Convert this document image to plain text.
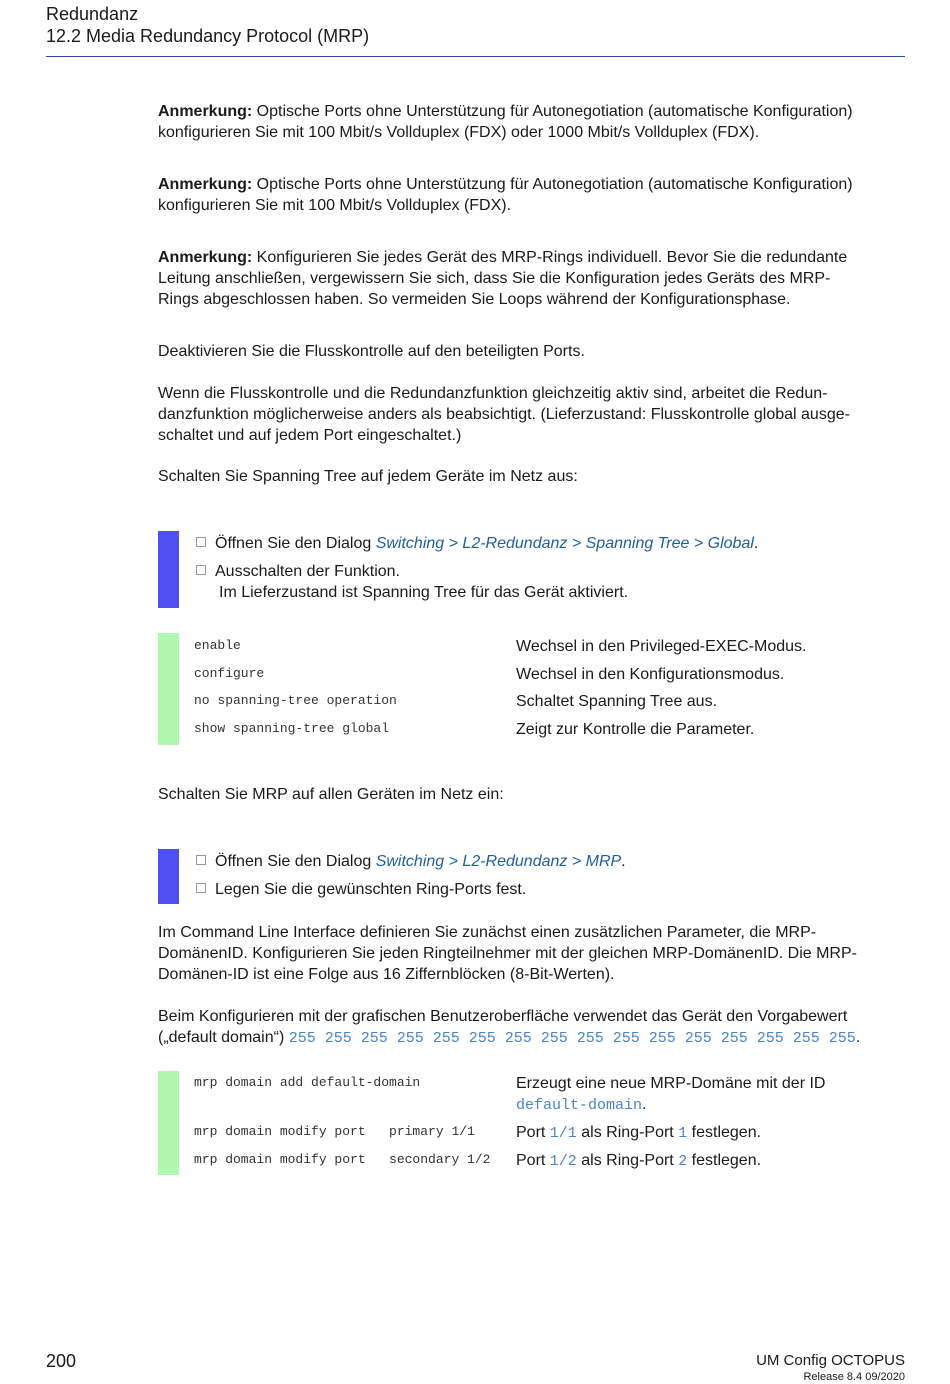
Redundanz
12.2 Media Redundancy Protocol (MRP)
Anmerkung: Optische Ports ohne Unterstützung für Autonegotiation (automatische Konfiguration)
konfigurieren Sie mit 100 Mbit/s Vollduplex (FDX) oder 1000 Mbit/s Vollduplex (FDX).
Anmerkung: Optische Ports ohne Unterstützung für Autonegotiation (automatische Konfiguration)
konfigurieren Sie mit 100 Mbit/s Vollduplex (FDX).
Anmerkung: Konfigurieren Sie jedes Gerät des MRP-Rings individuell. Bevor Sie die redundante
Leitung anschließen, vergewissern Sie sich, dass Sie die Konfiguration jedes Geräts des MRP-
Rings abgeschlossen haben. So vermeiden Sie Loops während der Konfigurationsphase.
Deaktivieren Sie die Flusskontrolle auf den beteiligten Ports.
Wenn die Flusskontrolle und die Redundanzfunktion gleichzeitig aktiv sind, arbeitet die Redun-
danzfunktion möglicherweise anders als beabsichtigt. (Lieferzustand: Flusskontrolle global ausge-
schaltet und auf jedem Port eingeschaltet.)
Schalten Sie Spanning Tree auf jedem Geräte im Netz aus:
Öffnen Sie den Dialog Switching > L2-Redundanz > Spanning Tree > Global.
Ausschalten der Funktion.
Im Lieferzustand ist Spanning Tree für das Gerät aktiviert.
enable	Wechsel in den Privileged-EXEC-Modus.
configure	Wechsel in den Konfigurationsmodus.
no spanning-tree operation	Schaltet Spanning Tree aus.
show spanning-tree global	Zeigt zur Kontrolle die Parameter.
Schalten Sie MRP auf allen Geräten im Netz ein:
Öffnen Sie den Dialog Switching > L2-Redundanz > MRP.
Legen Sie die gewünschten Ring-Ports fest.
Im Command Line Interface definieren Sie zunächst einen zusätzlichen Parameter, die MRP-
DomänenID. Konfigurieren Sie jeden Ringteilnehmer mit der gleichen MRP-DomänenID. Die MRP-
Domänen-ID ist eine Folge aus 16 Ziffernblöcken (8-Bit-Werten).
Beim Konfigurieren mit der grafischen Benutzeroberfläche verwendet das Gerät den Vorgabewert
(„default domain“) 255 255 255 255 255 255 255 255 255 255 255 255 255 255 255 255.
mrp domain add default-domain	Erzeugt eine neue MRP-Domäne mit der ID
default-domain.
mrp domain modify port   primary 1/1	Port 1/1 als Ring-Port 1 festlegen.
mrp domain modify port   secondary 1/2 Port 1/2 als Ring-Port 2 festlegen.
200	UM Config OCTOPUS
Release 8.4 09/2020
